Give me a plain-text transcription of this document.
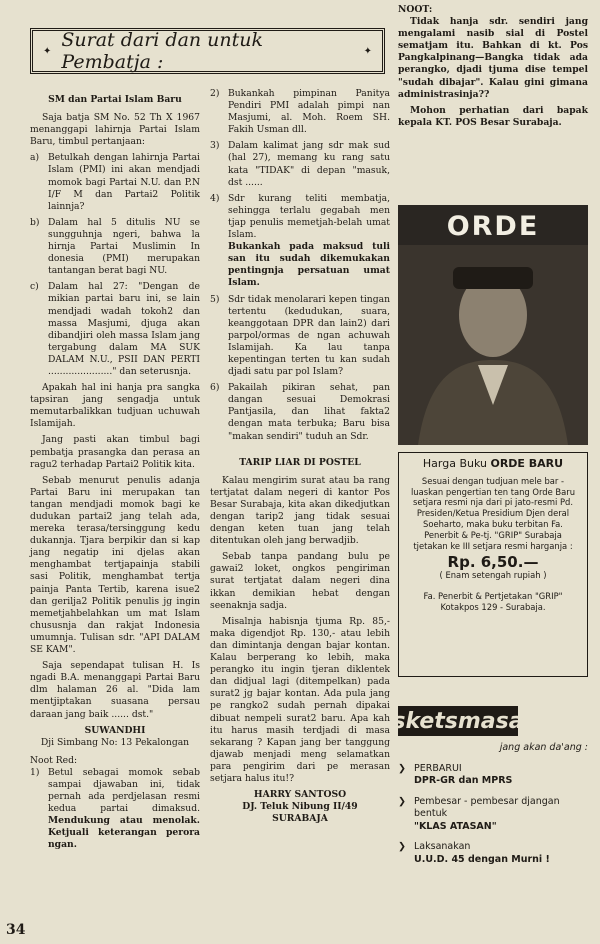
✦ Surat dari dan untuk Pembatja :	✦
SM dan Partai Islam Baru

Saja batja SM No. 52 Th X 1967 menanggapi lahirnja Partai Islam Baru, timbul pertanjaan:

a) Betulkah dengan lahirnja Partai Islam (PMI) ini akan mendjadi momok bagi Partai N.U. dan P.N I/F M dan Partai2 Politik lainnja?
b) Dalam hal 5 ditulis NU se sungguhnja ngeri, bahwa la hirnja Partai Muslimin In donesia (PMI) merupakan tantangan berat bagi NU.
c)	Dalam hal 27: "Dengan de mikian partai baru ini, se lain mendjadi wadah tokoh2 dan massa Masjumi, djuga akan dibandjiri oleh massa Islam jang tergabung dalam MA SUK DALAM N.U., PSII DAN PERTI ......................" dan seterusnja.

Apakah hal ini hanja pra sangka tapsiran jang sengadja untuk memutarbalikkan tudjuan uchuwah Islamijah.

Jang pasti akan timbul bagi pembatja prasangka dan perasa an ragu2 terhadap Partai2 Politik kita.

Sebab menurut penulis adanja Partai Baru ini merupakan tan tangan mendjadi momok bagi ke dudukan partai2 jang telah ada, mereka terasa/tersinggung kedu dukannja. Tjara berpikir dan si kap jang negatip ini djelas akan menghambat tertjapainja stabili sasi Politik, menghambat tertja painja Panta Tertib, karena isue2 dan gerilja2 Politik penulis jg ingin memetjahbelahkan um mat Islam chususnja dan rakjat Indonesia umumnja. Tulisan sdr. "API DALAM SE KAM".

Saja sependapat tulisan H. Is ngadi B.A. menanggapi Partai Baru dlm halaman 26 al. "Dida lam mentjiptakan suasana persau daraan jang baik ...... dst."

SUWANDHI
Dji Simbang No: 13 Pekalongan
Noot Red:
1) Betul sebagai momok sebab sampai djawaban ini, tidak pernah ada perdjelasan resmi kedua partai dimaksud. Mendukung atau menolak. Ketjuali keterangan perora ngan.
2) Bukankah pimpinan Panitya Pendiri PMI adalah pimpi nan Masjumi, al. Moh. Roem SH. Fakih Usman dll.
3) Dalam kalimat jang sdr mak sud (hal 27), memang ku rang satu kata "TIDAK" di depan "masuk, dst ......
4) Sdr kurang teliti membatja, sehingga terlalu gegabah men tjap penulis memetjah-belah umat Islam.
Bukankah pada maksud tuli san itu sudah dikemukakan pentingnja persatuan umat Islam.
5) Sdr tidak menolarari kepen tingan tertentu (kedudukan, suara, keanggotaan DPR dan lain2) dari parpol/ormas de ngan achuwah Islamijah. Ka lau tanpa kepentingan terten tu kan sudah djadi satu par pol Islam?
6) Pakailah pikiran sehat, pan dangan sesuai Demokrasi Pantjasila, dan lihat fakta2 dengan mata terbuka; Baru bisa "makan sendiri" tuduh an Sdr.
TARIP LIAR DI POSTEL

Kalau mengirim surat atau ba rang tertjatat dalam negeri di kantor Pos Besar Surabaja, kita akan dikedjutkan dengan tarip2 jang tidak sesuai dengan keten tuan jang telah ditentukan oleh jang berwadjib.

Sebab tanpa pandang bulu pe gawai2 loket, ongkos pengiriman surat tertjatat dalam negeri dina ikkan demikian hebat dengan seenaknja sadja.

Misalnja habisnja tjuma Rp. 85,- maka digendjot Rp. 130,- atau lebih dan dimintanja dengan bajar kontan. Kalau berperang ko lebih, maka perangko itu ingin tjeran diklentek dan didjual lagi (ditempelkan) pada surat2 jg bajar kontan. Ada pula jang pe rangko2 sudah pernah dipakai dibuat nempeli surat2 baru. Apa kah itu harus masih terdjadi di masa sekarang ? Kapan jang ber tanggung djawab menjadi meng selamatkan para pengirim dari pe merasan setjara halus itu!?

HARRY SANTOSO
DJ. Teluk Nibung II/49
SURABAJA
NOOT:

Tidak hanja sdr. sendiri jang mengalami nasib sial di Postel sematjam itu. Bahkan di kt. Pos Pangkalpinang—Bangka tidak ada perangko, djadi tjuma dise tempel "sudah dibajar". Kalau gini gimana administrasinja??

Mohon perhatian dari bapak kepala KT. POS Besar Surabaja.

ORDE
Harga Buku ORDE BARU
Sesuai dengan tudjuan mele bar - luaskan pengertian ten tang Orde Baru setjara resmi nja dari pi jato-resmi Pd. Presiden/Ketua Presidium Djen deral Soeharto, maka buku terbitan Fa. Penerbit & Pe-tj. "GRIP" Surabaja tjetakan ke III setjara resmi harganja :
Rp. 6,50.—
( Enam setengah rupiah )
Fa. Penerbit & Pertjetakan "GRIP"
Kotakpos 129 - Surabaja.
sketsmasa
jang akan da'ang :
❯ PERBARUI
DPR-GR dan MPRS
❯ Pembesar - pembesar djangan bentuk
"KLAS ATASAN"
❯ Laksanakan
U.U.D. 45 dengan Murni !
34
